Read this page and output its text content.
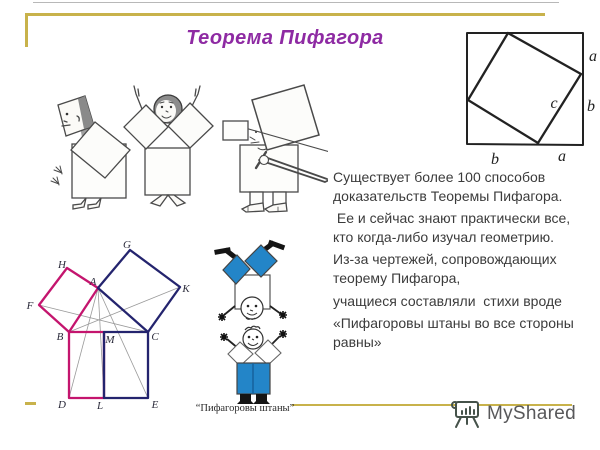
Теорема Пифагора
a
b
c
b	a
H
G
A
K
F
B	M	C
D	L	E	“Пифагоровы штаны”

Существует более 100 способов доказательств Теоремы Пифагора.

Ее и сейчас знают практически все, кто когда-либо изучал геометрию.

Из-за чертежей, сопровождающих теорему Пифагора,

учащиеся составляли  стихи вроде

«Пифагоровы штаны во все стороны равны»

MyShared
